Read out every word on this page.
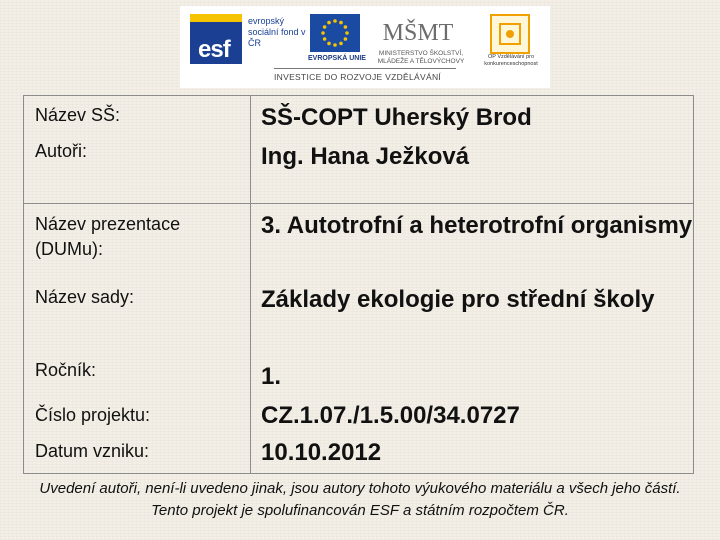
esf
evropský sociální fond v ČR
EVROPSKÁ UNIE
MŠMT
MINISTERSTVO ŠKOLSTVÍ, MLÁDEŽE A TĚLOVÝCHOVY
OP Vzdělávání pro konkurenceschopnost
INVESTICE DO ROZVOJE VZDĚLÁVÁNÍ
Název SŠ:	SŠ-COPT Uherský Brod
Autoři:	Ing. Hana Ježková
Název prezentace (DUMu):	3. Autotrofní a heterotrofní organismy
Název sady:	Základy ekologie pro střední školy
Ročník:	1.
Číslo projektu:	CZ.1.07./1.5.00/34.0727
Datum vzniku:	10.10.2012
Uvedení autoři, není-li uvedeno jinak, jsou autory tohoto výukového materiálu a všech jeho částí. Tento projekt je spolufinancován ESF a státním rozpočtem ČR.
